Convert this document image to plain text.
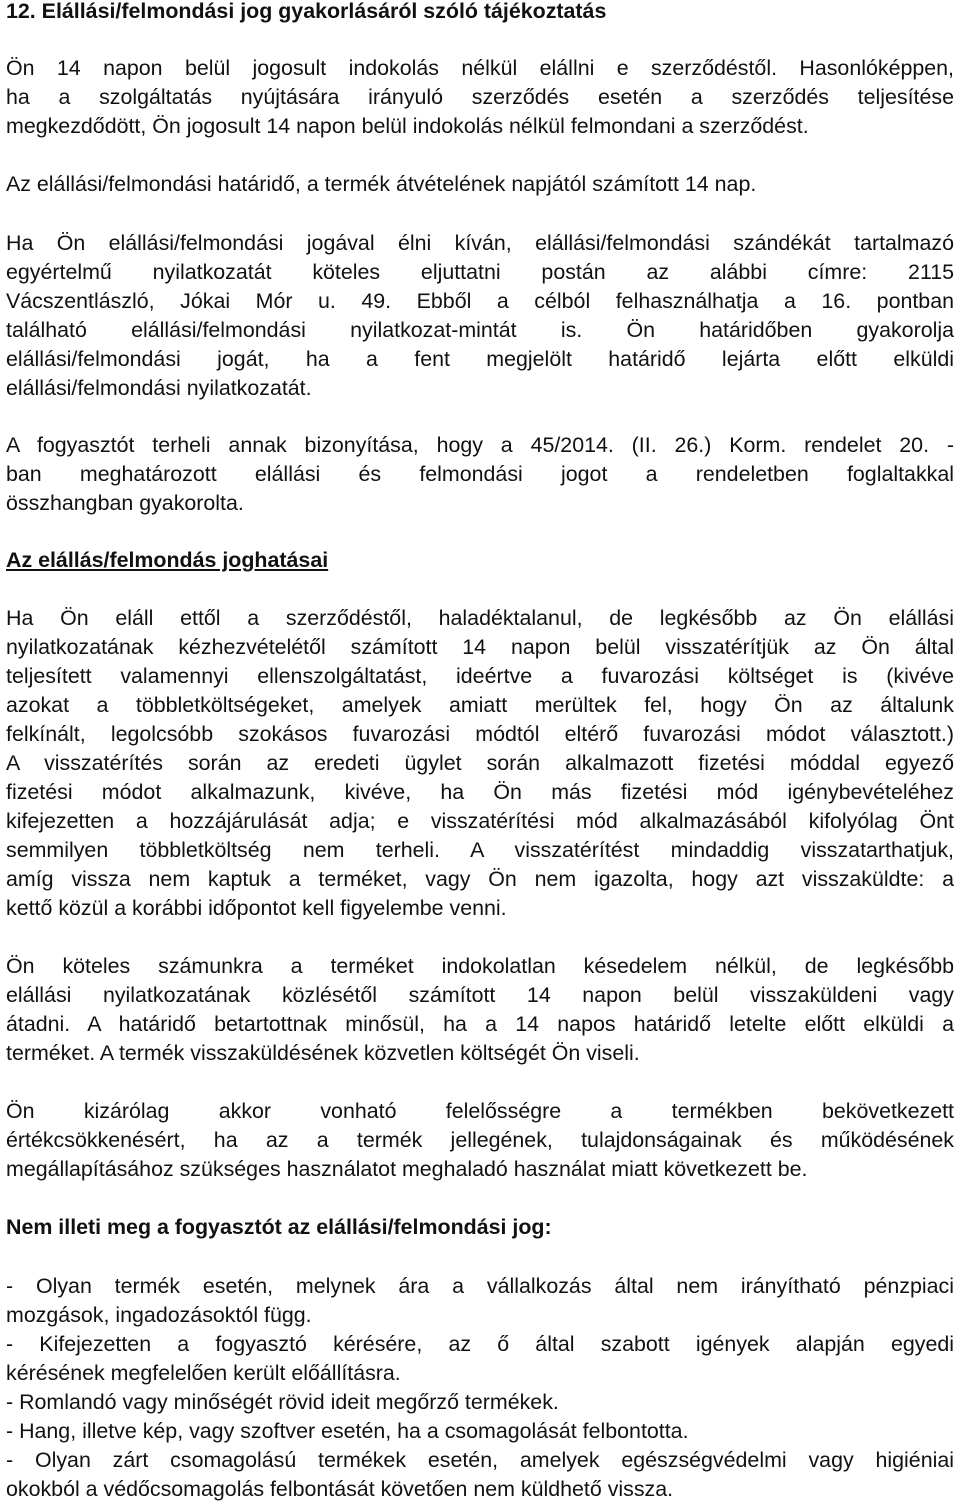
12. Elállási/felmondási jog gyakorlásáról szóló tájékoztatás
Ön 14 napon belül jogosult indokolás nélkül elállni e szerződéstől. Hasonlóképpen,
ha a szolgáltatás nyújtására irányuló szerződés esetén a szerződés teljesítése
megkezdődött, Ön jogosult 14 napon belül indokolás nélkül felmondani a szerződést.
Az elállási/felmondási határidő, a termék átvételének napjától számított 14 nap.
Ha Ön elállási/felmondási jogával élni kíván, elállási/felmondási szándékát tartalmazó
egyértelmű nyilatkozatát köteles eljuttatni postán az alábbi címre: 2115
Vácszentlászló, Jókai Mór u. 49. Ebből a célból felhasználhatja a 16. pontban
található elállási/felmondási nyilatkozat-mintát is. Ön határidőben gyakorolja
elállási/felmondási jogát, ha a fent megjelölt határidő lejárta előtt elküldi
elállási/felmondási nyilatkozatát.
A fogyasztót terheli annak bizonyítása, hogy a 45/2014. (II. 26.) Korm. rendelet 20. -
ban meghatározott elállási és felmondási jogot a rendeletben foglaltakkal
összhangban gyakorolta.
Az elállás/felmondás joghatásai
Ha Ön eláll ettől a szerződéstől, haladéktalanul, de legkésőbb az Ön elállási
nyilatkozatának kézhezvételétől számított 14 napon belül visszatérítjük az Ön által
teljesített valamennyi ellenszolgáltatást, ideértve a fuvarozási költséget is (kivéve
azokat a többletköltségeket, amelyek amiatt merültek fel, hogy Ön az általunk
felkínált, legolcsóbb szokásos fuvarozási módtól eltérő fuvarozási módot választott.)
A visszatérítés során az eredeti ügylet során alkalmazott fizetési móddal egyező
fizetési módot alkalmazunk, kivéve, ha Ön más fizetési mód igénybevételéhez
kifejezetten a hozzájárulását adja; e visszatérítési mód alkalmazásából kifolyólag Önt
semmilyen többletköltség nem terheli. A visszatérítést mindaddig visszatarthatjuk,
amíg vissza nem kaptuk a terméket, vagy Ön nem igazolta, hogy azt visszaküldte: a
kettő közül a korábbi időpontot kell figyelembe venni.
Ön köteles számunkra a terméket indokolatlan késedelem nélkül, de legkésőbb
elállási nyilatkozatának közlésétől számított 14 napon belül visszaküldeni vagy
átadni. A határidő betartottnak minősül, ha a 14 napos határidő letelte előtt elküldi a
terméket. A termék visszaküldésének közvetlen költségét Ön viseli.
Ön kizárólag akkor vonható felelősségre a termékben bekövetkezett
értékcsökkenésért, ha az a termék jellegének, tulajdonságainak és működésének
megállapításához szükséges használatot meghaladó használat miatt következett be.
Nem illeti meg a fogyasztót az elállási/felmondási jog:
- Olyan termék esetén, melynek ára a vállalkozás által nem irányítható pénzpiaci
mozgások, ingadozásoktól függ.
- Kifejezetten a fogyasztó kérésére, az ő által szabott igények alapján egyedi
kérésének megfelelően került előállításra.
- Romlandó vagy minőségét rövid ideit megőrző termékek.
- Hang, illetve kép, vagy szoftver esetén, ha a csomagolását felbontotta.
- Olyan zárt csomagolású termékek esetén, amelyek egészségvédelmi vagy higiéniai
okokból a védőcsomagolás felbontását követően nem küldhető vissza.
